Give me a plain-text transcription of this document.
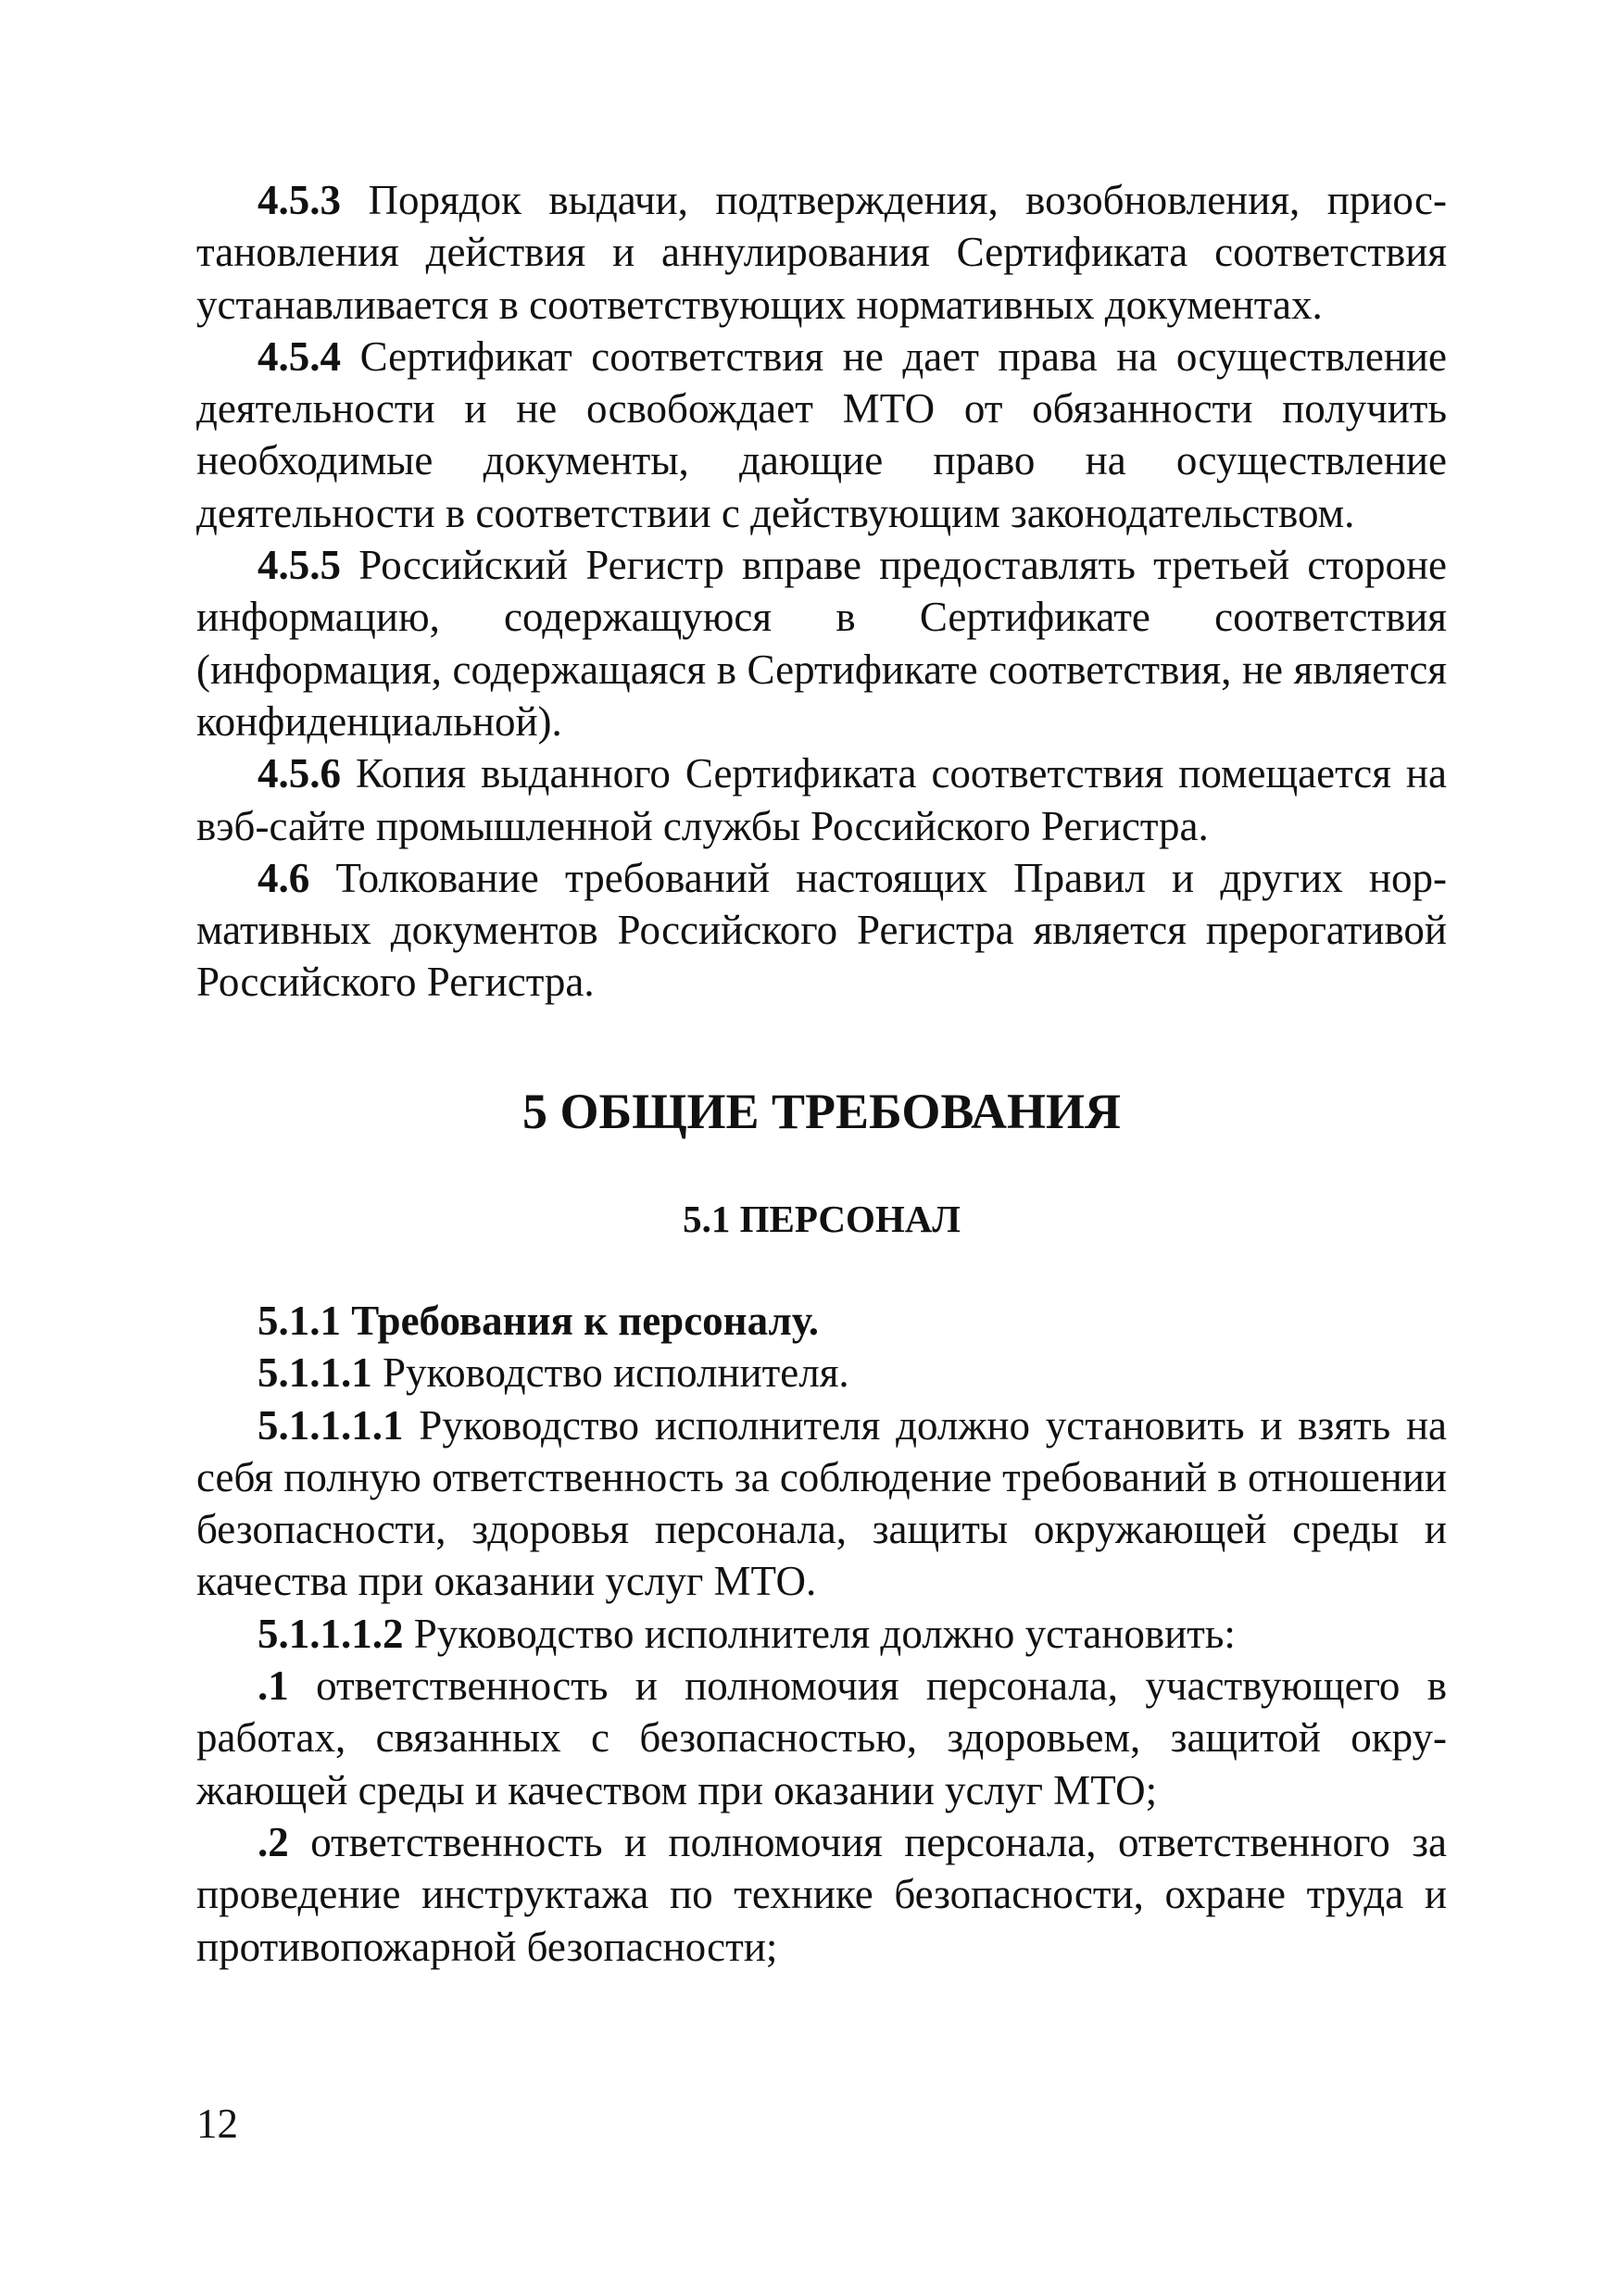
4.5.3 Порядок выдачи, подтверждения, возобновления, приостановления действия и аннулирования Сертификата соответствия устанавливается в соответствующих нормативных документах.

4.5.4 Сертификат соответствия не дает права на осуществление деятельности и не освобождает МТО от обязанности получить необходимые документы, дающие право на осуществление деятельности в соответствии с действующим законодательством.

4.5.5 Российский Регистр вправе предоставлять третьей стороне информацию, содержащуюся в Сертификате соответствия (информация, содержащаяся в Сертификате соответствия, не является конфиденциальной).

4.5.6 Копия выданного Сертификата соответствия помещается на вэб-сайте промышленной службы Российского Регистра.

4.6 Толкование требований настоящих Правил и других нормативных документов Российского Регистра является прерогативой Российского Регистра.

5 ОБЩИЕ ТРЕБОВАНИЯ
5.1 ПЕРСОНАЛ

5.1.1 Требования к персоналу.

5.1.1.1 Руководство исполнителя.

5.1.1.1.1 Руководство исполнителя должно установить и взять на себя полную ответственность за соблюдение требований в отношении безопасности, здоровья персонала, защиты окружающей среды и качества при оказании услуг МТО.

5.1.1.1.2 Руководство исполнителя должно установить:

.1 ответственность и полномочия персонала, участвующего в работах, связанных с безопасностью, здоровьем, защитой окружающей среды и качеством при оказании услуг МТО;

.2 ответственность и полномочия персонала, ответственного за проведение инструктажа по технике безопасности, охране труда и противопожарной безопасности;

12
